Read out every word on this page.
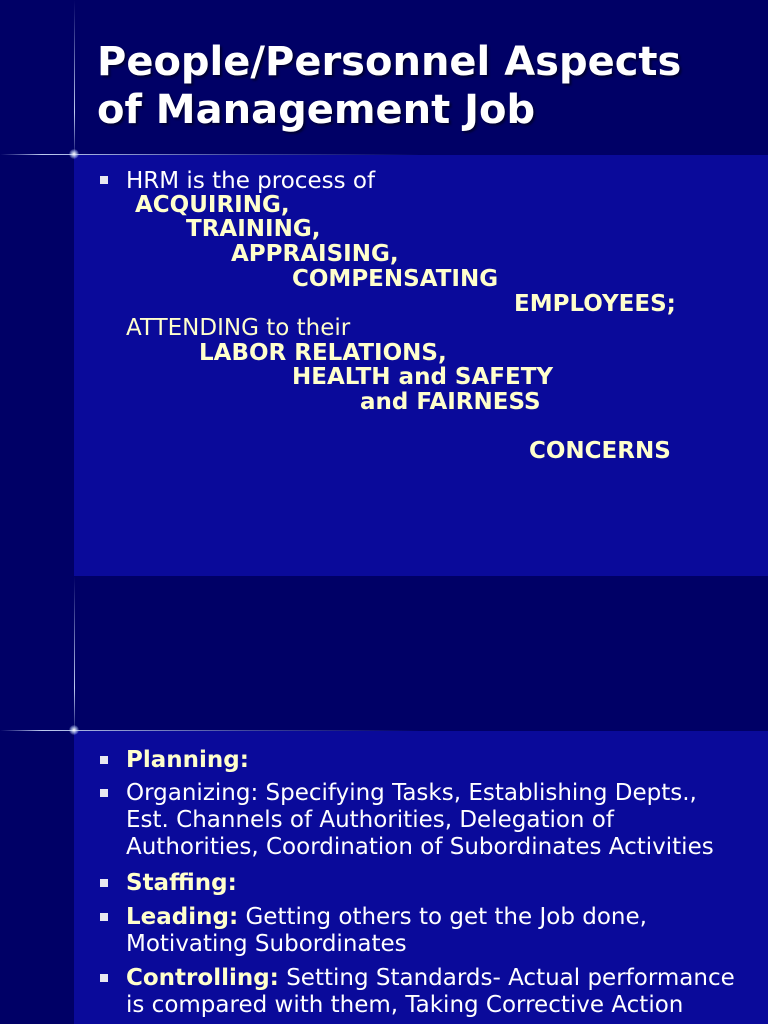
People/Personnel Aspects
of Management Job
HRM is the process of
ACQUIRING,
TRAINING,
APPRAISING,
COMPENSATING
EMPLOYEES;
ATTENDING to their
LABOR RELATIONS,
HEALTH and SAFETY
and FAIRNESS
CONCERNS
Planning:
Organizing: Specifying Tasks, Establishing Depts., Est. Channels of Authorities, Delegation of Authorities, Coordination of Subordinates Activities
Staffing:
Leading: Getting others to get the Job done, Motivating Subordinates
Controlling: Setting Standards- Actual performance is compared with them, Taking Corrective Action
